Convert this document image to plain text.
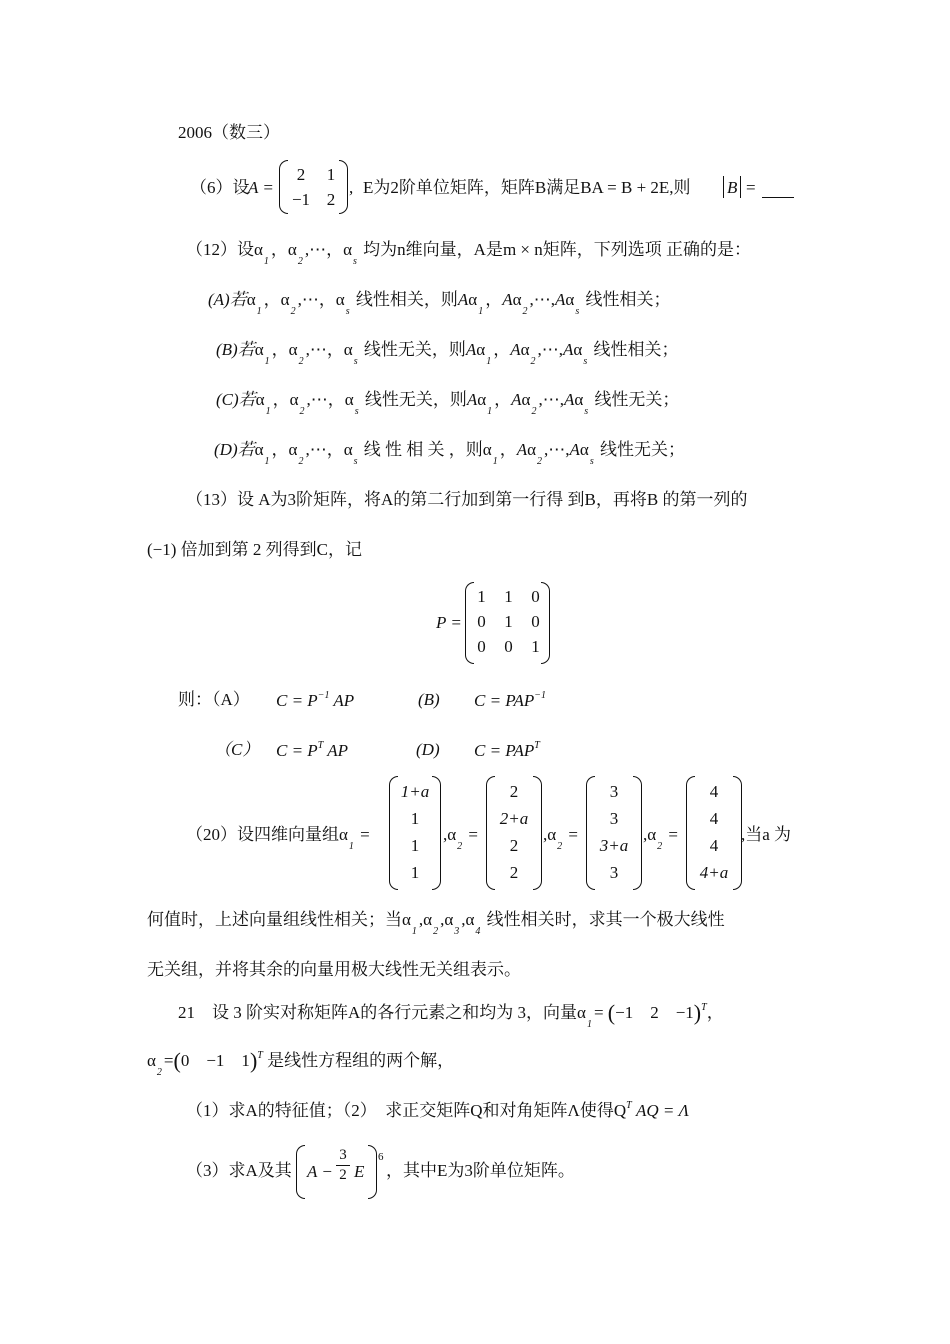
2006（数三）
（6）设
A =
2 1
−1 2
, E为2阶单位矩阵，矩阵B满足BA = B + 2E,则 B =
（12）设$\alpha_1$，$\alpha_2,\cdots$，$\alpha_s$ 均为n维向量，A是m × n矩阵，下列选项 正确的是：
(A)若$\alpha_1$，$\alpha_2,\cdots$，$\alpha_s$ 线性相关，则$A\alpha_1$，$A\alpha_2,\cdots,A\alpha_s$ 线性相关；
(B)若$\alpha_1$，$\alpha_2,\cdots$，$\alpha_s$ 线性无关，则$A\alpha_1$，$A\alpha_2,\cdots,A\alpha_s$ 线性相关；
(C)若$\alpha_1$，$\alpha_2,\cdots$，$\alpha_s$ 线性无关，则$A\alpha_1$，$A\alpha_2,\cdots,A\alpha_s$ 线性无关；
(D)若$\alpha_1$，$\alpha_2,\cdots$，$\alpha_s$ 线 性 相 关 ，则$\alpha_1$，$A\alpha_2,\cdots,A\alpha_s$ 线性无关；
（13）设 A为3阶矩阵，将A的第二行加到第一行得 到B，再将B 的第一列的
(−1) 倍加到第 2 列得到C，记
P =
1 1 0
0 1 0
0 0 1
则：（A） $C = P^{-1}$ AP	(B) $C = PAP^{-1}$
（C） $C = P^T$ AP	(D) $C = PAP^T$
（20）设四维向量组$\alpha_1$ =
1+a
1
1
1
$,\alpha_2$ =
2
2+a
2
2
$,\alpha_2$ =
3
3
3+a
3
$,\alpha_2$ =
4
4
4
4+a
,当a 为
何值时，上述向量组线性相关；当$\alpha_1,\alpha_2,\alpha_3,\alpha_4$ 线性相关时，求其一个极大线性
无关组，并将其余的向量用极大线性无关组表示。
21　设 3 阶实对称矩阵A的各行元素之和均为 3，向量$\alpha_1= (-1$　2　−1)$^T$，
$\alpha_2=(0$　−1　1)$^T$ 是线性方程组的两个解，
（1）求A的特征值；（2）　求正交矩阵Q和对角矩阵Λ使得$Q^T$ AQ = Λ
（3）求A及其 A −
3
2 E
6
，其中E为3阶单位矩阵。
